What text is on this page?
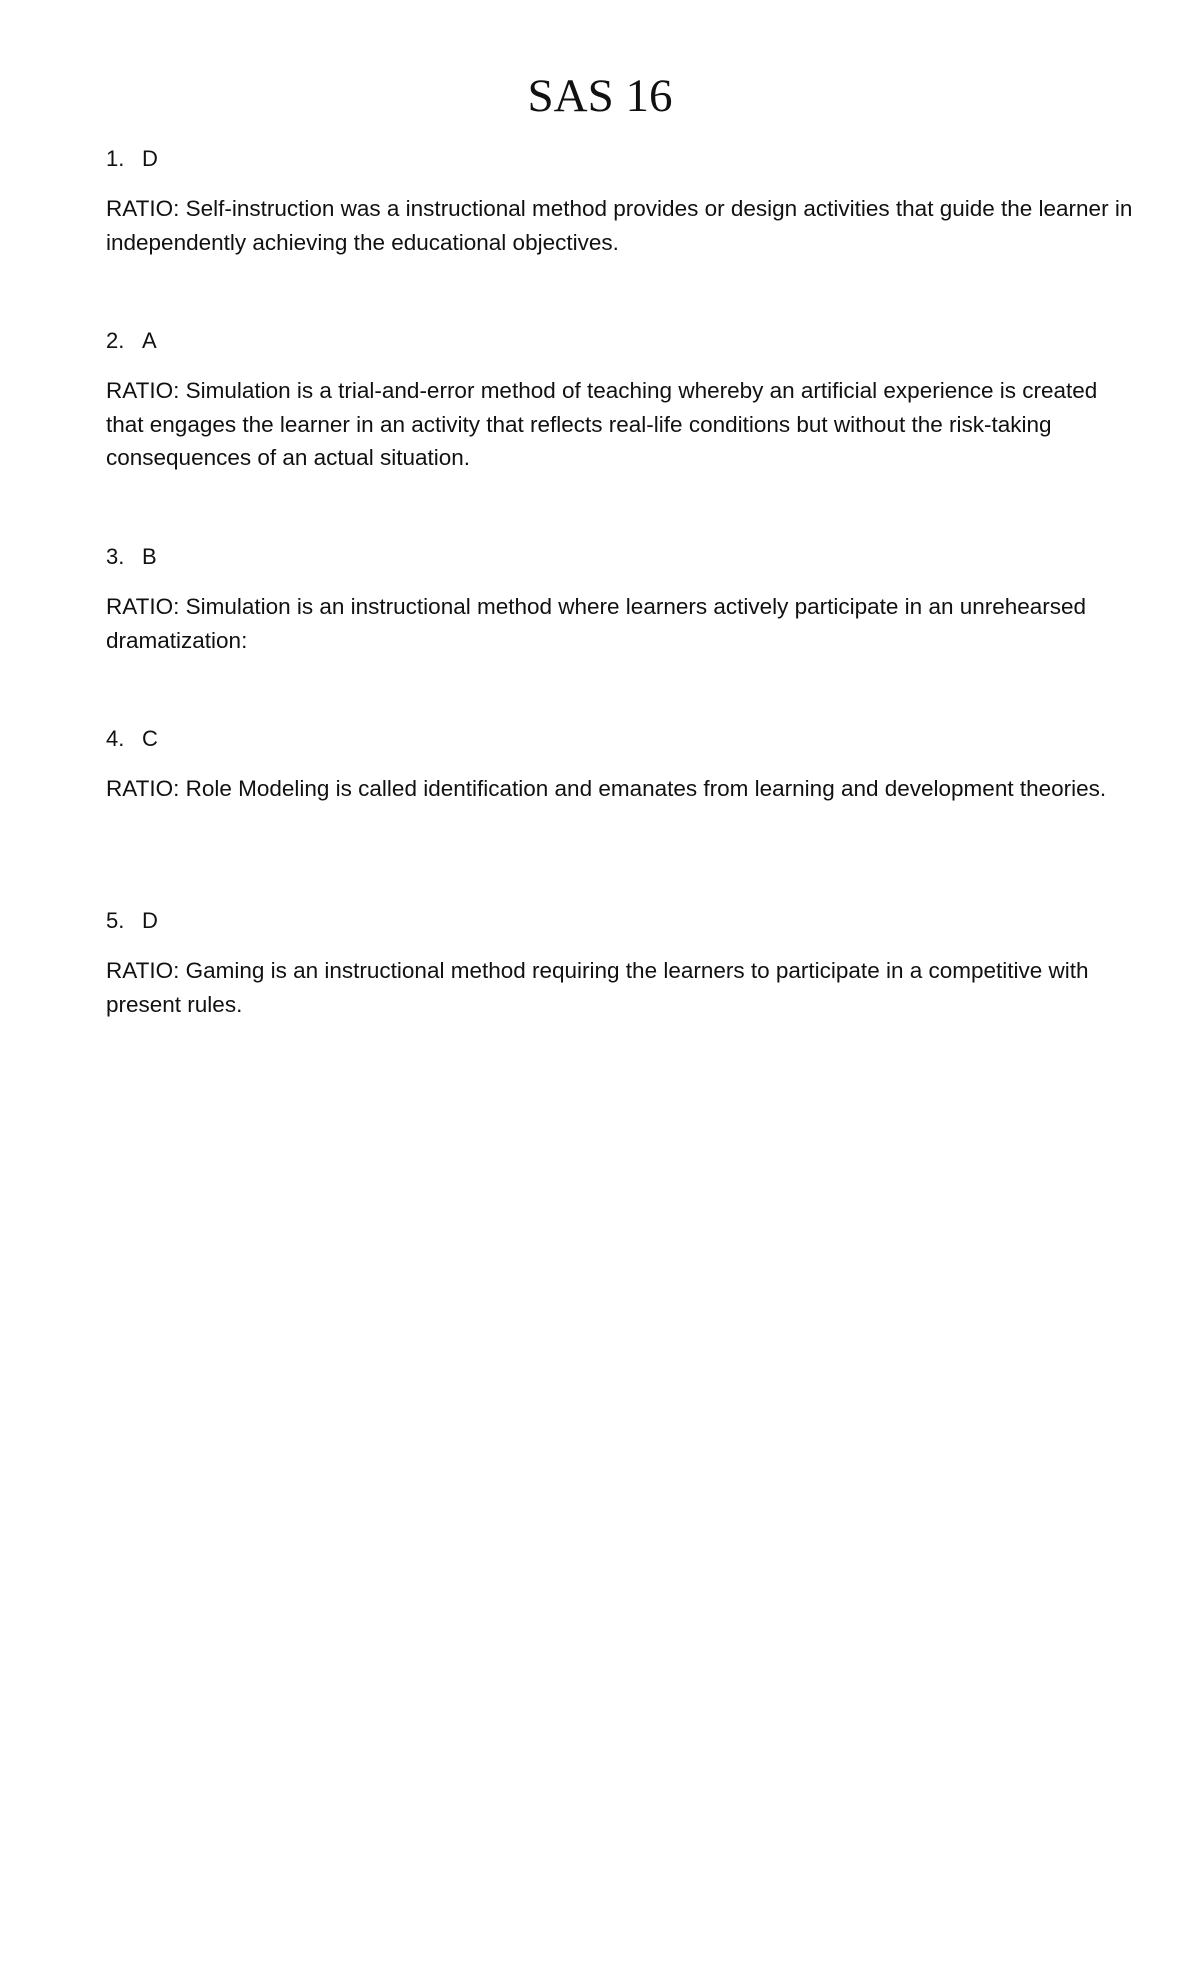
SAS 16
1. D
RATIO: Self-instruction was a instructional method provides or design activities that guide the learner in independently achieving the educational objectives.
2. A
RATIO: Simulation is a trial-and-error method of teaching whereby an artificial experience is created that engages the learner in an activity that reflects real-life conditions but without the risk-taking consequences of an actual situation.
3. B
RATIO: Simulation is an instructional method where learners actively participate in an unrehearsed dramatization:
4. C
RATIO: Role Modeling is called identification and emanates from learning and development theories.
5. D
RATIO: Gaming is an instructional method requiring the learners to participate in a competitive with present rules.
